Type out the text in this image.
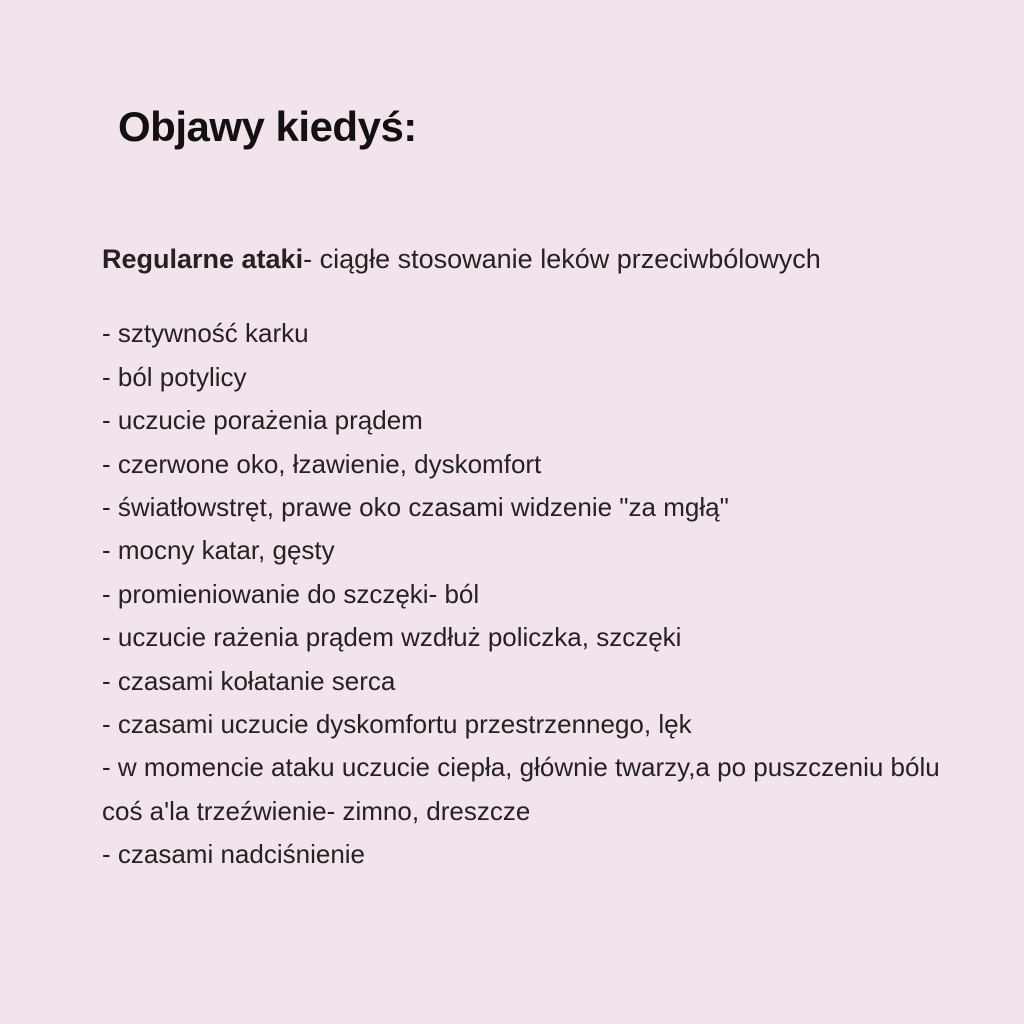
Objawy kiedyś:

Regularne ataki- ciągłe stosowanie leków przeciwbólowych

- sztywność karku
- ból potylicy
- uczucie porażenia prądem
- czerwone oko, łzawienie, dyskomfort
- światłowstręt, prawe oko czasami widzenie "za mgłą"
- mocny katar, gęsty
- promieniowanie do szczęki- ból
- uczucie rażenia prądem wzdłuż policzka, szczęki
- czasami kołatanie serca
- czasami uczucie dyskomfortu przestrzennego, lęk
- w momencie ataku uczucie ciepła, głównie twarzy,a po puszczeniu bólu coś a'la trzeźwienie- zimno, dreszcze
- czasami nadciśnienie
